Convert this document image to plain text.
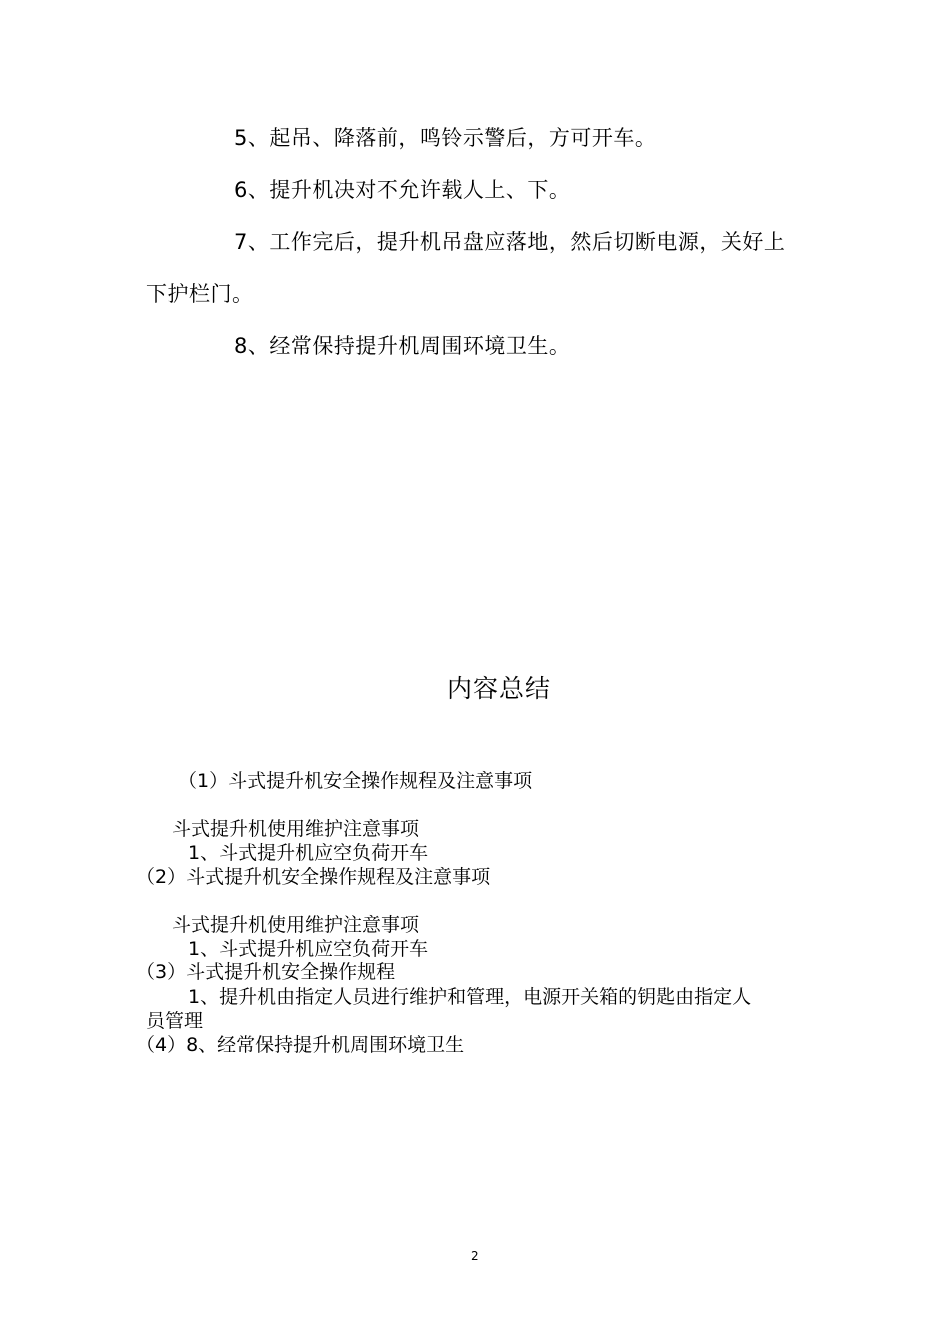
5、起吊、降落前，鸣铃示警后，方可开车。
6、提升机决对不允许载人上、下。
7、工作完后，提升机吊盘应落地，然后切断电源，关好上
下护栏门。
8、经常保持提升机周围环境卫生。
内容总结
（1）斗式提升机安全操作规程及注意事项
斗式提升机使用维护注意事项
1、斗式提升机应空负荷开车
（2）斗式提升机安全操作规程及注意事项
斗式提升机使用维护注意事项
1、斗式提升机应空负荷开车
（3）斗式提升机安全操作规程
1、提升机由指定人员进行维护和管理，电源开关箱的钥匙由指定人
员管理
（4）8、经常保持提升机周围环境卫生
2
